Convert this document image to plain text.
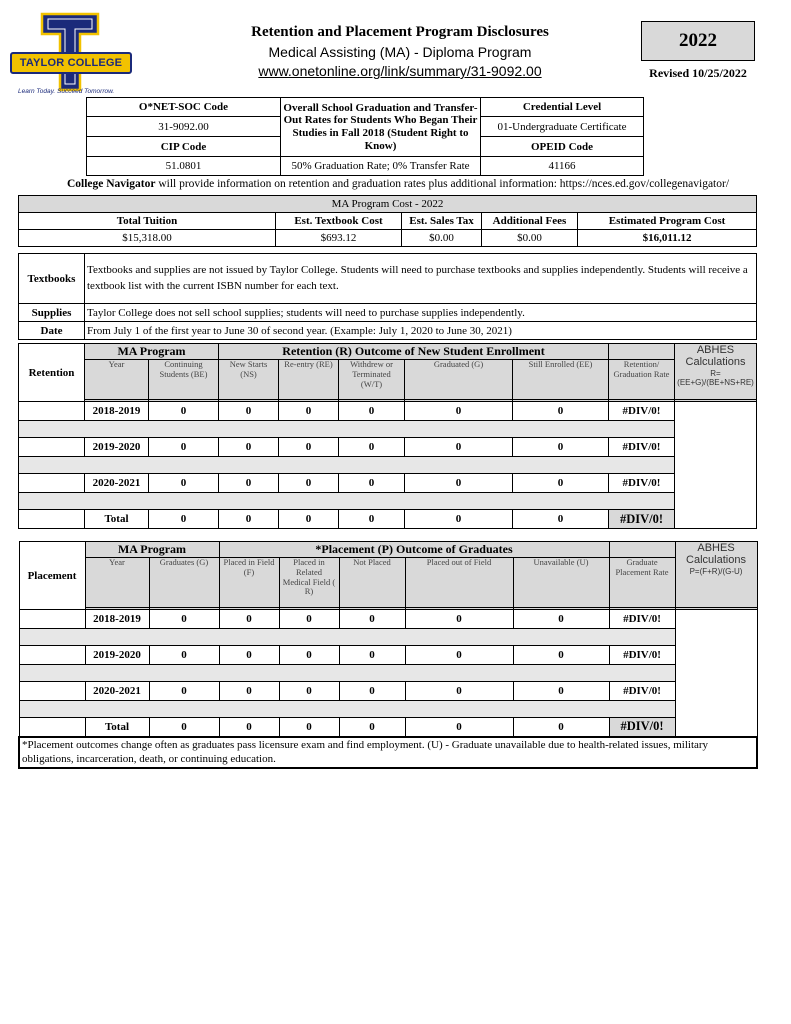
TAYLOR COLLEGE
Learn Today. Succeed Tomorrow.
Retention and Placement Program Disclosures
Medical Assisting (MA) - Diploma Program
www.onetonline.org/link/summary/31-9092.00
2022
Revised 10/25/2022
O*NET-SOC Code	Overall School Graduation and Transfer-Out Rates for Students Who Began Their Studies in Fall 2018 (Student Right to Know)	Credential Level
31-9092.00		01-Undergraduate Certificate
CIP Code		OPEID Code
51.0801	50% Graduation Rate; 0% Transfer Rate	41166
College Navigator will provide information on retention and graduation rates plus additional information: https://nces.ed.gov/collegenavigator/
MA Program Cost - 2022				
Total Tuition	Est. Textbook Cost	Est. Sales Tax	Additional Fees	Estimated Program Cost
$15,318.00	$693.12	$0.00	$0.00	$16,011.12
Textbooks	Textbooks and supplies are not issued by Taylor College. Students will need to purchase textbooks and supplies independently. Students will receive a textbook list with the current ISBN number for each text.
Supplies	Taylor College does not sell school supplies; students will need to purchase supplies independently.
Date	From July 1 of the first year to June 30 of second year. (Example: July 1, 2020 to June 30, 2021)
Retention	MA Program		Retention (R) Outcome of New Student Enrollment						ABHES Calculations
R=(EE+G)/(BE+NS+RE)	

	Year	Continuing Students (BE)	New Starts (NS)	Re-entry (RE)	Withdrew or Terminated (W/T)	Graduated (G)	Still Enrolled (EE)	Retention/ Graduation Rate		

	2018-2019	0	0	0	0	0	0	#DIV/0!		

	2019-2020	0	0	0	0	0	0	#DIV/0!		

	2020-2021	0	0	0	0	0	0	#DIV/0!		

	Total	0	0	0	0	0	0	#DIV/0!	
Placement	MA Program		*Placement (P) Outcome of Graduates						ABHES Calculations
P=(F+R)/(G-U)	

	Year	Graduates (G)	Placed in Field (F)	Placed in Related Medical Field ( R)	Not Placed	Placed out of Field	Unavailable (U)	Graduate Placement Rate		

	2018-2019	0	0	0	0	0	0	#DIV/0!		

	2019-2020	0	0	0	0	0	0	#DIV/0!		

	2020-2021	0	0	0	0	0	0	#DIV/0!		

	Total	0	0	0	0	0	0	#DIV/0!	
*Placement outcomes change often as graduates pass licensure exam and find employment. (U) - Graduate unavailable due to health-related issues, military obligations, incarceration, death, or continuing education.										
